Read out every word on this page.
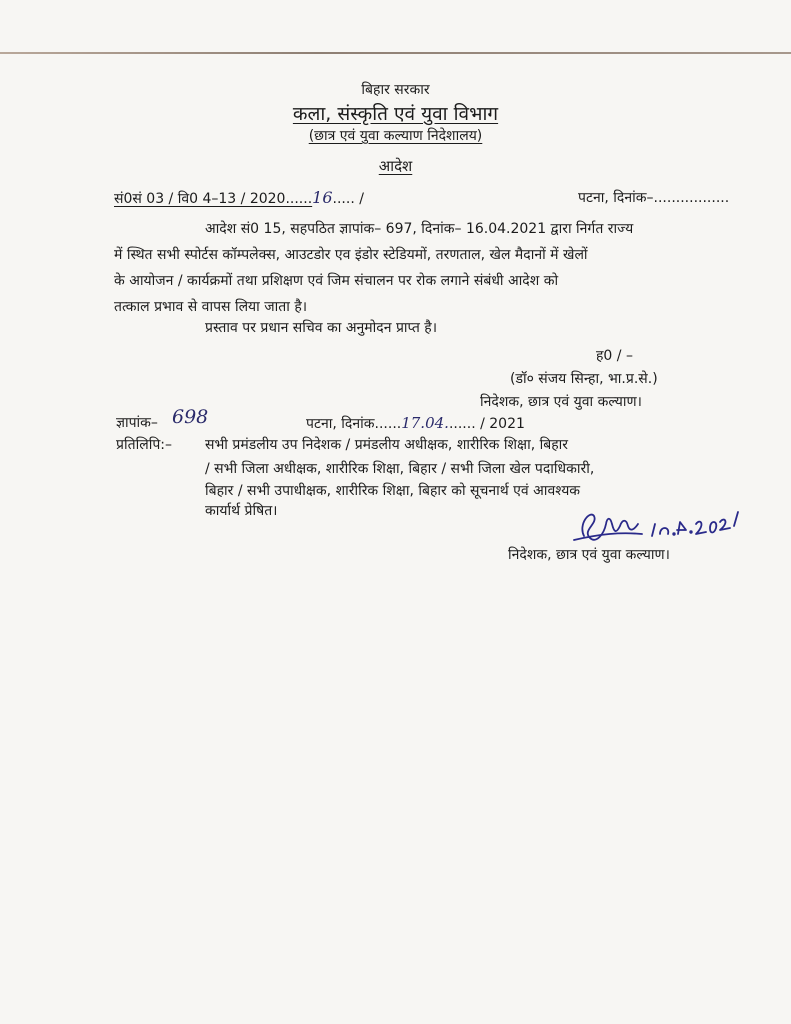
बिहार सरकार
कला, संस्कृति एवं युवा विभाग
(छात्र एवं युवा कल्याण निदेशालय)
आदेश
सं0सं 03 / वि0 4–13 / 2020......16..... /	पटना, दिनांक–.................
आदेश सं0 15, सहपठित ज्ञापांक– 697, दिनांक– 16.04.2021 द्वारा निर्गत राज्य
में स्थित सभी स्पोर्टस कॉम्पलेक्स, आउटडोर एव इंडोर स्टेडियमों, तरणताल, खेल मैदानों में खेलों
के आयोजन / कार्यक्रमों तथा प्रशिक्षण एवं जिम संचालन पर रोक लगाने संबंधी आदेश को
तत्काल प्रभाव से वापस लिया जाता है।
प्रस्ताव पर प्रधान सचिव का अनुमोदन प्राप्त है।
ह0 / –
(डॉ० संजय सिन्हा, भा.प्र.से.)
निदेशक, छात्र एवं युवा कल्याण।
ज्ञापांक– 698	पटना, दिनांक......17.04....... / 2021
प्रतिलिपि:– सभी प्रमंडलीय उप निदेशक / प्रमंडलीय अधीक्षक, शारीरिक शिक्षा, बिहार
/ सभी जिला अधीक्षक, शारीरिक शिक्षा, बिहार / सभी जिला खेल पदाधिकारी,
बिहार / सभी उपाधीक्षक, शारीरिक शिक्षा, बिहार को सूचनार्थ एवं आवश्यक
कार्यार्थ प्रेषित।
निदेशक, छात्र एवं युवा कल्याण।
